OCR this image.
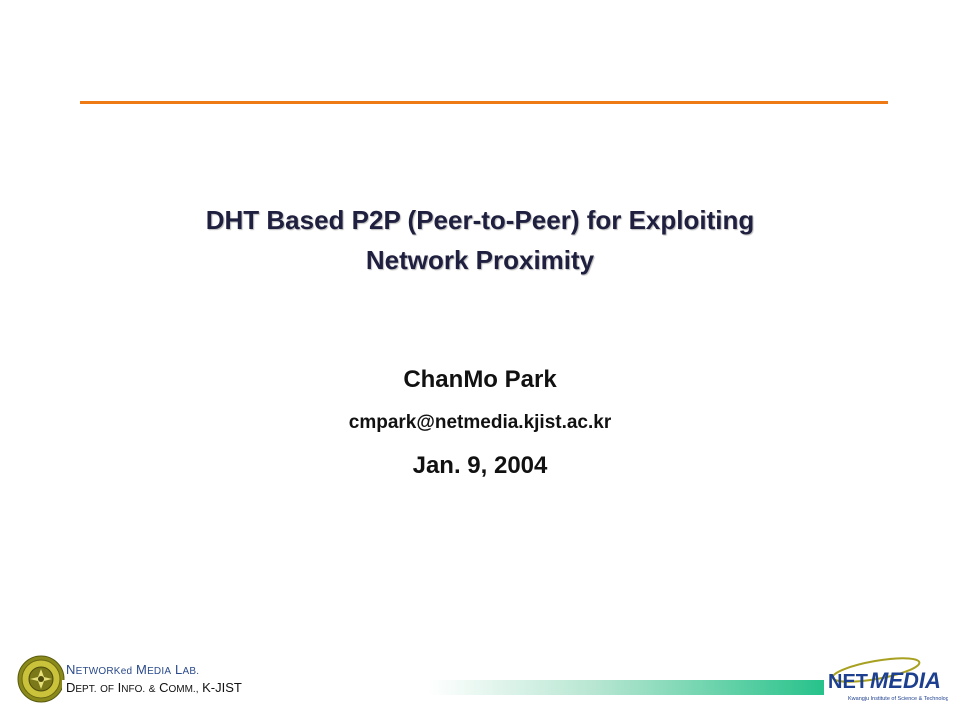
DHT Based P2P (Peer-to-Peer) for Exploiting
Network Proximity
ChanMo Park
cmpark@netmedia.kjist.ac.kr
Jan. 9, 2004
NETWORKed MEDIA LAB.
DEPT. OF INFO. & COMM., K-JIST	NET MEDIA
Kwangju Institute of Science & Technology
